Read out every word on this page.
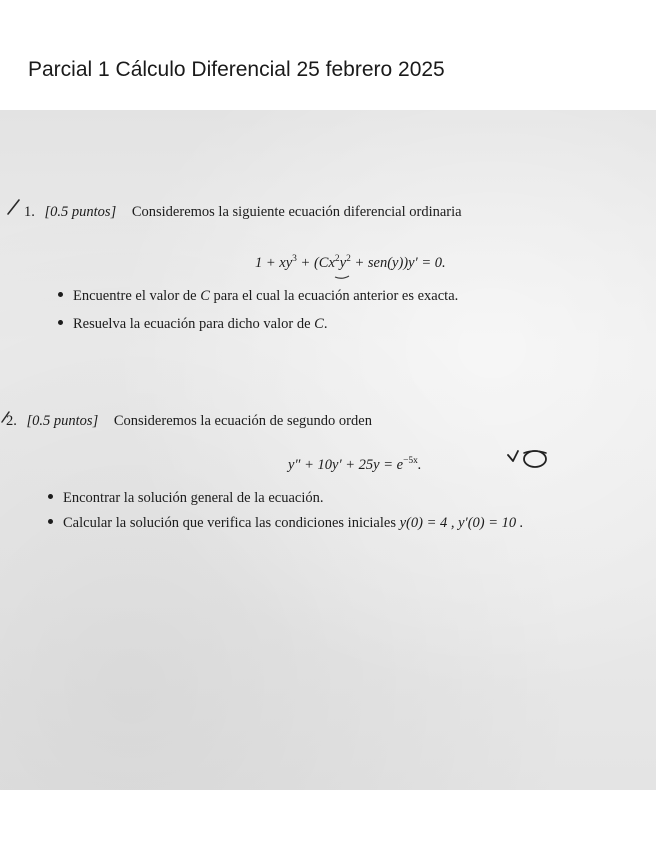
Parcial 1 Cálculo Diferencial 25 febrero 2025
1. [0.5 puntos] Consideremos la siguiente ecuación diferencial ordinaria
$1 + xy^3 + (Cx^2y^2 + sen(y))y' = 0$.
Encuentre el valor de C para el cual la ecuación anterior es exacta.
Resuelva la ecuación para dicho valor de C.
2. [0.5 puntos] Consideremos la ecuación de segundo orden
$y'' + 10y' + 25y = e^{-5x}$.
Encontrar la solución general de la ecuación.
Calcular la solución que verifica las condiciones iniciales y(0) = 4 , y′(0) = 10 .
